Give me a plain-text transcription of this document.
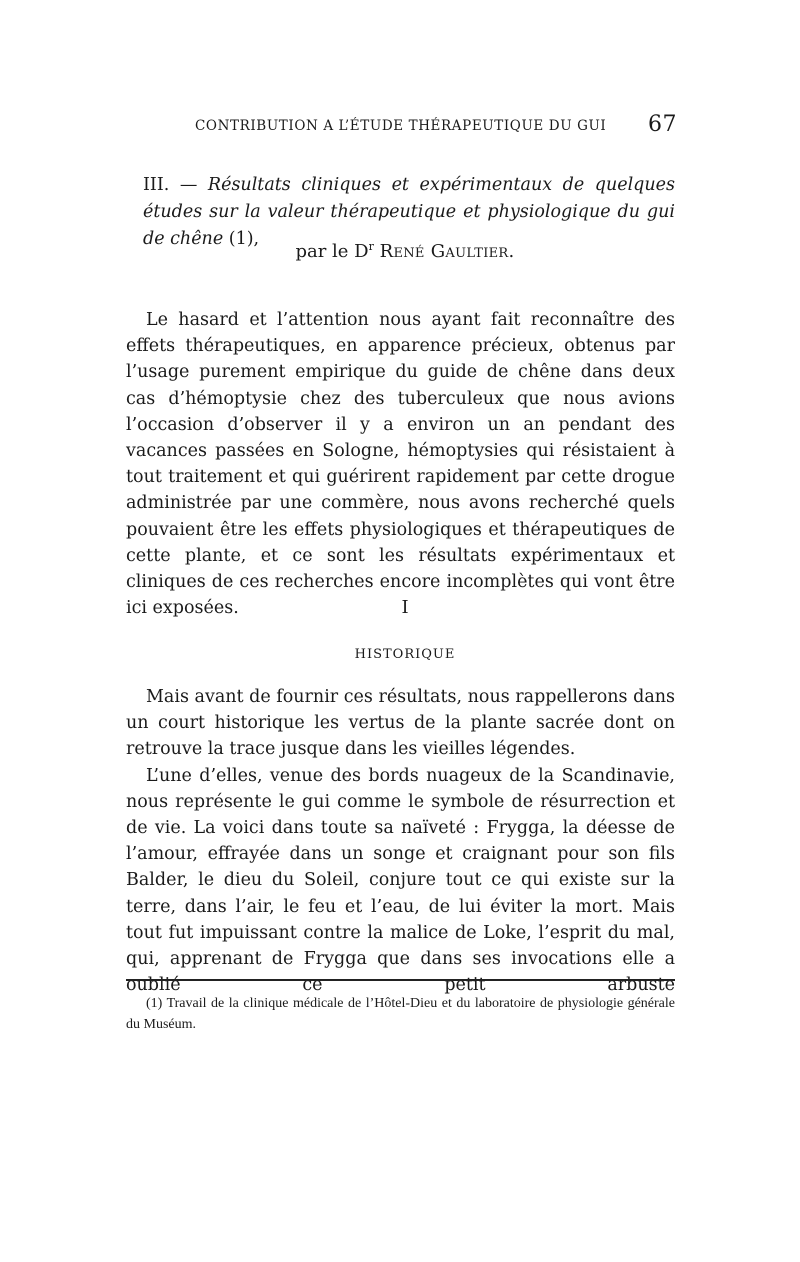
CONTRIBUTION A L’ÉTUDE THÉRAPEUTIQUE DU GUI	67
III. — Résultats cliniques et expérimentaux de quelques études sur la valeur thérapeutique et physiologique du gui de chêne (1),
par le $D^r$ René Gaultier.

Le hasard et l’attention nous ayant fait reconnaître des effets thérapeutiques, en apparence précieux, obtenus par l’usage purement empirique du guide de chêne dans deux cas d’hémoptysie chez des tuberculeux que nous avions l’occasion d’observer il y a environ un an pendant des vacances passées en Sologne, hémoptysies qui résistaient à tout traitement et qui guérirent rapidement par cette drogue administrée par une commère, nous avons recherché quels pouvaient être les effets physiologiques et thérapeutiques de cette plante, et ce sont les résultats expérimentaux et cliniques de ces recherches encore incomplètes qui vont être ici exposées.	I
HISTORIQUE

Mais avant de fournir ces résultats, nous rappellerons dans un court historique les vertus de la plante sacrée dont on retrouve la trace jusque dans les vieilles légendes.

L’une d’elles, venue des bords nuageux de la Scandinavie, nous représente le gui comme le symbole de résurrection et de vie. La voici dans toute sa naïveté : Frygga, la déesse de l’amour, effrayée dans un songe et craignant pour son fils Balder, le dieu du Soleil, conjure tout ce qui existe sur la terre, dans l’air, le feu et l’eau, de lui éviter la mort. Mais tout fut impuissant contre la malice de Loke, l’esprit du mal, qui, apprenant de Frygga que dans ses invocations elle a oublié ce petit arbuste

(1) Travail de la clinique médicale de l’Hôtel-Dieu et du laboratoire de physiologie générale du Muséum.
